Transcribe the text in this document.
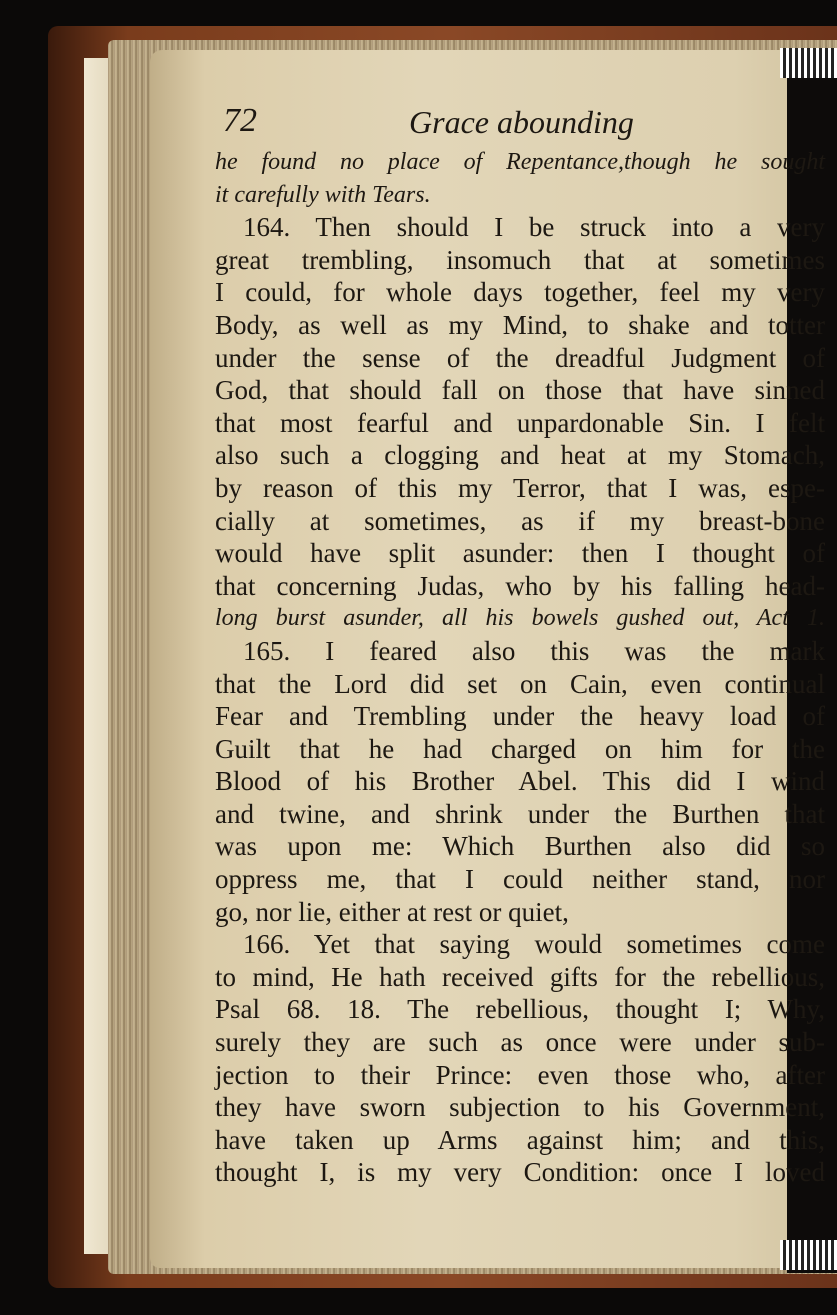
72	Grace abounding
he found no place of Repentance,though he sought
it carefully with Tears.
164. Then should I be struck into a very
great trembling, insomuch that at sometimes
I could, for whole days together, feel my very
Body, as well as my Mind, to shake and totter
under the sense of the dreadful Judgment of
God, that should fall on those that have sinned
that most fearful and unpardonable Sin. I felt
also such a clogging and heat at my Stomach,
by reason of this my Terror, that I was, espe-
cially at sometimes, as if my breast-bone
would have split asunder: then I thought of
that concerning Judas, who by his falling head-
long burst asunder, all his bowels gushed out, Act 1.
165. I feared also this was the mark
that the Lord did set on Cain, even continual
Fear and Trembling under the heavy load of
Guilt that he had charged on him for the
Blood of his Brother Abel. This did I wind
and twine, and shrink under the Burthen that
was upon me: Which Burthen also did so
oppress me, that I could neither stand, nor
go, nor lie, either at rest or quiet,
166. Yet that saying would sometimes come
to mind, He hath received gifts for the rebellious,
Psal 68. 18. The rebellious, thought I; Why,
surely they are such as once were under sub-
jection to their Prince: even those who, after
they have sworn subjection to his Government,
have taken up Arms against him; and this,
thought I, is my very Condition: once I loved
